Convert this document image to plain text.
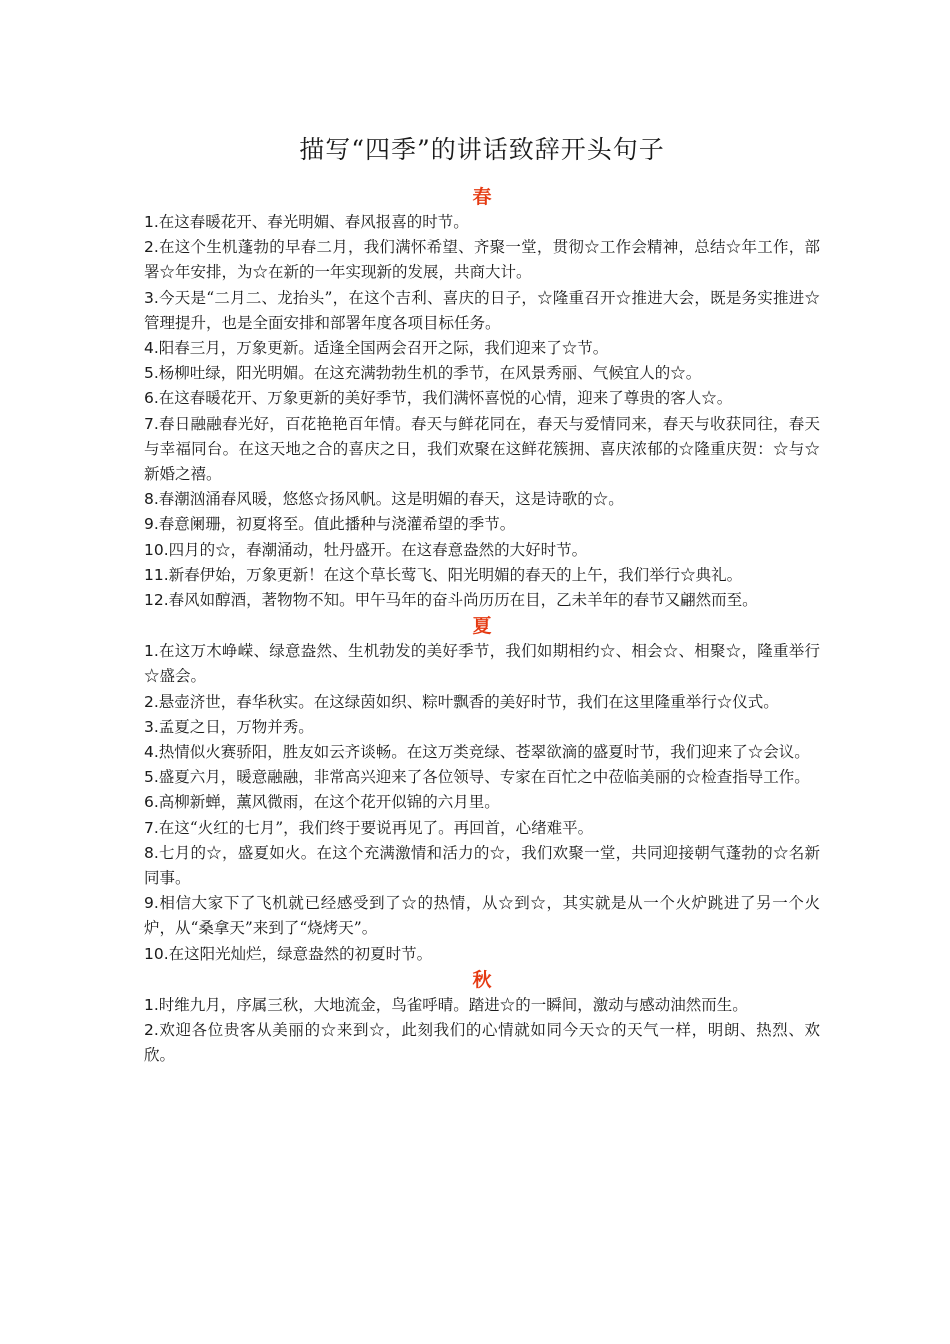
描写“四季”的讲话致辞开头句子
春

1.在这春暖花开、春光明媚、春风报喜的时节。

2.在这个生机蓬勃的早春二月，我们满怀希望、齐聚一堂，贯彻☆工作会精神，总结☆年工作，部署☆年安排，为☆在新的一年实现新的发展，共商大计。

3.今天是“二月二、龙抬头”，在这个吉利、喜庆的日子，☆隆重召开☆推进大会，既是务实推进☆管理提升，也是全面安排和部署年度各项目标任务。

4.阳春三月，万象更新。适逢全国两会召开之际，我们迎来了☆节。

5.杨柳吐绿，阳光明媚。在这充满勃勃生机的季节，在风景秀丽、气候宜人的☆。

6.在这春暖花开、万象更新的美好季节，我们满怀喜悦的心情，迎来了尊贵的客人☆。

7.春日融融春光好，百花艳艳百年情。春天与鲜花同在，春天与爱情同来，春天与收获同往，春天与幸福同台。在这天地之合的喜庆之日，我们欢聚在这鲜花簇拥、喜庆浓郁的☆隆重庆贺：☆与☆新婚之禧。

8.春潮汹涌春风暖，悠悠☆扬风帆。这是明媚的春天，这是诗歌的☆。

9.春意阑珊，初夏将至。值此播种与浇灌希望的季节。

10.四月的☆，春潮涌动，牡丹盛开。在这春意盎然的大好时节。

11.新春伊始，万象更新！在这个草长莺飞、阳光明媚的春天的上午，我们举行☆典礼。

12.春风如醇酒，著物物不知。甲午马年的奋斗尚历历在目，乙未羊年的春节又翩然而至。

夏

1.在这万木峥嵘、绿意盎然、生机勃发的美好季节，我们如期相约☆、相会☆、相聚☆，隆重举行☆盛会。

2.悬壶济世，春华秋实。在这绿茵如织、粽叶飘香的美好时节，我们在这里隆重举行☆仪式。

3.孟夏之日，万物并秀。

4.热情似火赛骄阳，胜友如云齐谈畅。在这万类竞绿、苍翠欲滴的盛夏时节，我们迎来了☆会议。

5.盛夏六月，暖意融融，非常高兴迎来了各位领导、专家在百忙之中莅临美丽的☆检查指导工作。

6.高柳新蝉，薰风微雨，在这个花开似锦的六月里。

7.在这“火红的七月”，我们终于要说再见了。再回首，心绪难平。

8.七月的☆，盛夏如火。在这个充满激情和活力的☆，我们欢聚一堂，共同迎接朝气蓬勃的☆名新同事。

9.相信大家下了飞机就已经感受到了☆的热情，从☆到☆，其实就是从一个火炉跳进了另一个火炉，从“桑拿天”来到了“烧烤天”。

10.在这阳光灿烂，绿意盎然的初夏时节。

秋

1.时维九月，序属三秋，大地流金，鸟雀呼晴。踏进☆的一瞬间，激动与感动油然而生。

2.欢迎各位贵客从美丽的☆来到☆，此刻我们的心情就如同今天☆的天气一样，明朗、热烈、欢欣。
